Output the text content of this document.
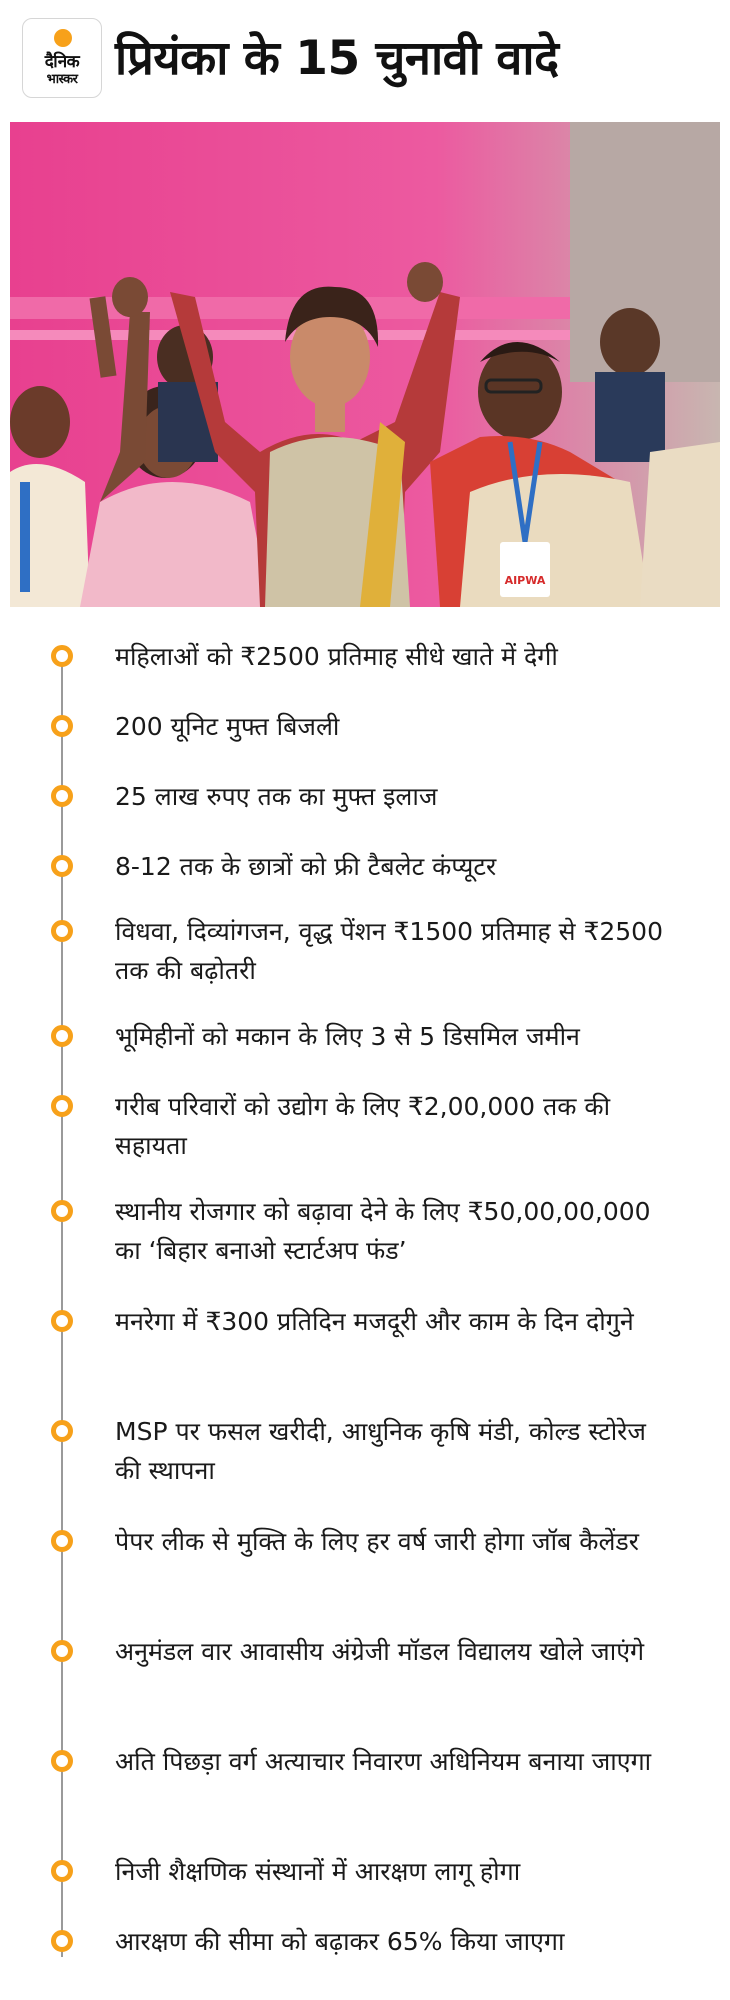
दैनिक
भास्कर प्रियंका के 15 चुनावी वादे
AIPWA
महिलाओं को ₹2500 प्रतिमाह सीधे खाते में देगी
200 यूनिट मुफ्त बिजली
25 लाख रुपए तक का मुफ्त इलाज
8-12 तक के छात्रों को फ्री टैबलेट कंप्यूटर
विधवा, दिव्यांगजन, वृद्ध पेंशन ₹1500 प्रतिमाह से ₹2500 तक की बढ़ोतरी
भूमिहीनों को मकान के लिए 3 से 5 डिसमिल जमीन
गरीब परिवारों को उद्योग के लिए ₹2,00,000 तक की सहायता
स्थानीय रोजगार को बढ़ावा देने के लिए ₹50,00,00,000 का ‘बिहार बनाओ स्टार्टअप फंड’
मनरेगा में ₹300 प्रतिदिन मजदूरी और काम के दिन दोगुने
MSP पर फसल खरीदी, आधुनिक कृषि मंडी, कोल्ड स्टोरेज की स्थापना
पेपर लीक से मुक्ति के लिए हर वर्ष जारी होगा जॉब कैलेंडर
अनुमंडल वार आवासीय अंग्रेजी मॉडल विद्यालय खोले जाएंगे
अति पिछड़ा वर्ग अत्याचार निवारण अधिनियम बनाया जाएगा
निजी शैक्षणिक संस्थानों में आरक्षण लागू होगा
आरक्षण की सीमा को बढ़ाकर 65% किया जाएगा
